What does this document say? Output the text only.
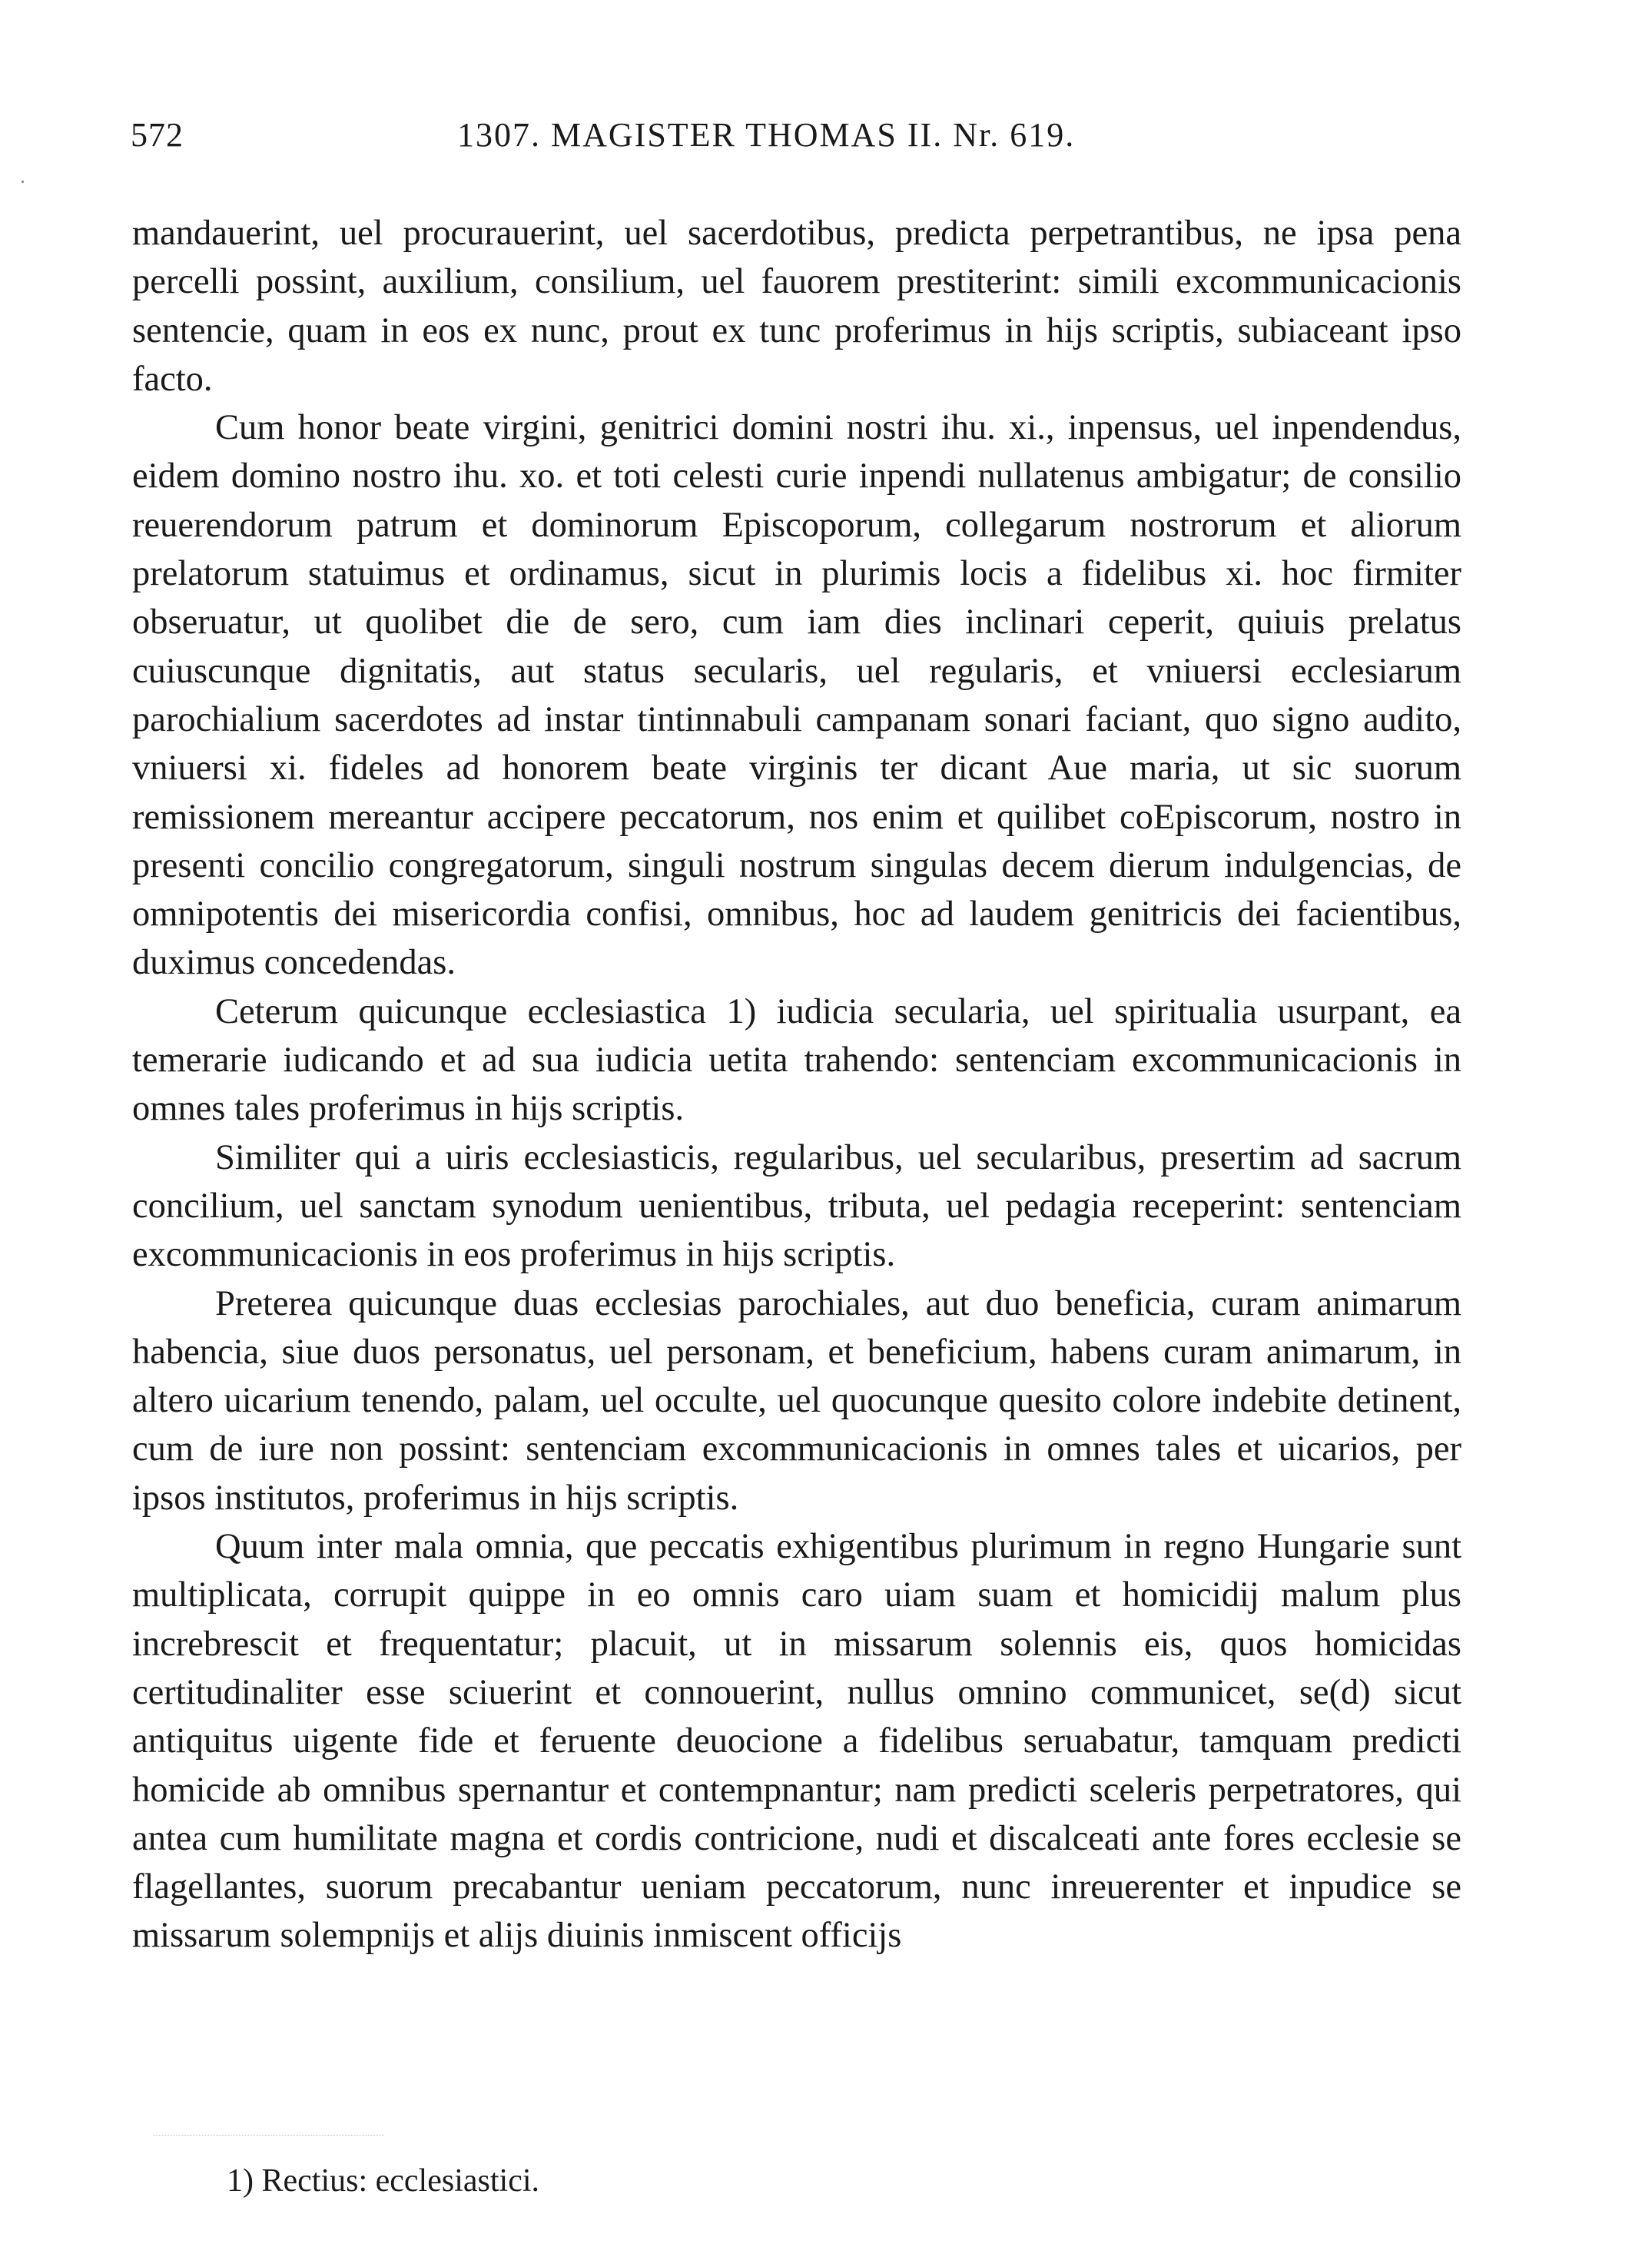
572	1307. MAGISTER THOMAS II. Nr. 619.

mandauerint, uel procurauerint, uel sacerdotibus, predicta perpetrantibus, ne ipsa pena percelli possint, auxilium, consilium, uel fauorem prestiterint: simili excommunicacionis sentencie, quam in eos ex nunc, prout ex tunc proferimus in hijs scriptis, subiaceant ipso facto.

Cum honor beate virgini, genitrici domini nostri ihu. xi., inpensus, uel inpendendus, eidem domino nostro ihu. xo. et toti celesti curie inpendi nullatenus ambigatur; de consilio reuerendorum patrum et dominorum Episcoporum, collegarum nostrorum et aliorum prelatorum statuimus et ordinamus, sicut in plurimis locis a fidelibus xi. hoc firmiter obseruatur, ut quolibet die de sero, cum iam dies inclinari ceperit, quiuis prelatus cuiuscunque dignitatis, aut status secularis, uel regularis, et vniuersi ecclesiarum parochialium sacerdotes ad instar tintinnabuli campanam sonari faciant, quo signo audito, vniuersi xi. fideles ad honorem beate virginis ter dicant Aue maria, ut sic suorum remissionem mereantur accipere peccatorum, nos enim et quilibet coEpiscorum, nostro in presenti concilio congregatorum, singuli nostrum singulas decem dierum indulgencias, de omnipotentis dei misericordia confisi, omnibus, hoc ad laudem genitricis dei facientibus, duximus concedendas.

Ceterum quicunque ecclesiastica 1) iudicia secularia, uel spiritualia usurpant, ea temerarie iudicando et ad sua iudicia uetita trahendo: sentenciam excommunicacionis in omnes tales proferimus in hijs scriptis.

Similiter qui a uiris ecclesiasticis, regularibus, uel secularibus, presertim ad sacrum concilium, uel sanctam synodum uenientibus, tributa, uel pedagia receperint: sentenciam excommunicacionis in eos proferimus in hijs scriptis.

Preterea quicunque duas ecclesias parochiales, aut duo beneficia, curam animarum habencia, siue duos personatus, uel personam, et beneficium, habens curam animarum, in altero uicarium tenendo, palam, uel occulte, uel quocunque quesito colore indebite detinent, cum de iure non possint: sentenciam excommunicacionis in omnes tales et uicarios, per ipsos institutos, proferimus in hijs scriptis.

Quum inter mala omnia, que peccatis exhigentibus plurimum in regno Hungarie sunt multiplicata, corrupit quippe in eo omnis caro uiam suam et homicidij malum plus increbrescit et frequentatur; placuit, ut in missarum solennis eis, quos homicidas certitudinaliter esse sciuerint et connouerint, nullus omnino communicet, se(d) sicut antiquitus uigente fide et feruente deuocione a fidelibus seruabatur, tamquam predicti homicide ab omnibus spernantur et contempnantur; nam predicti sceleris perpetratores, qui antea cum humilitate magna et cordis contricione, nudi et discalceati ante fores ecclesie se flagellantes, suorum precabantur ueniam peccatorum, nunc inreuerenter et inpudice se missarum solempnijs et alijs diuinis inmiscent officijs

1) Rectius: ecclesiastici.
